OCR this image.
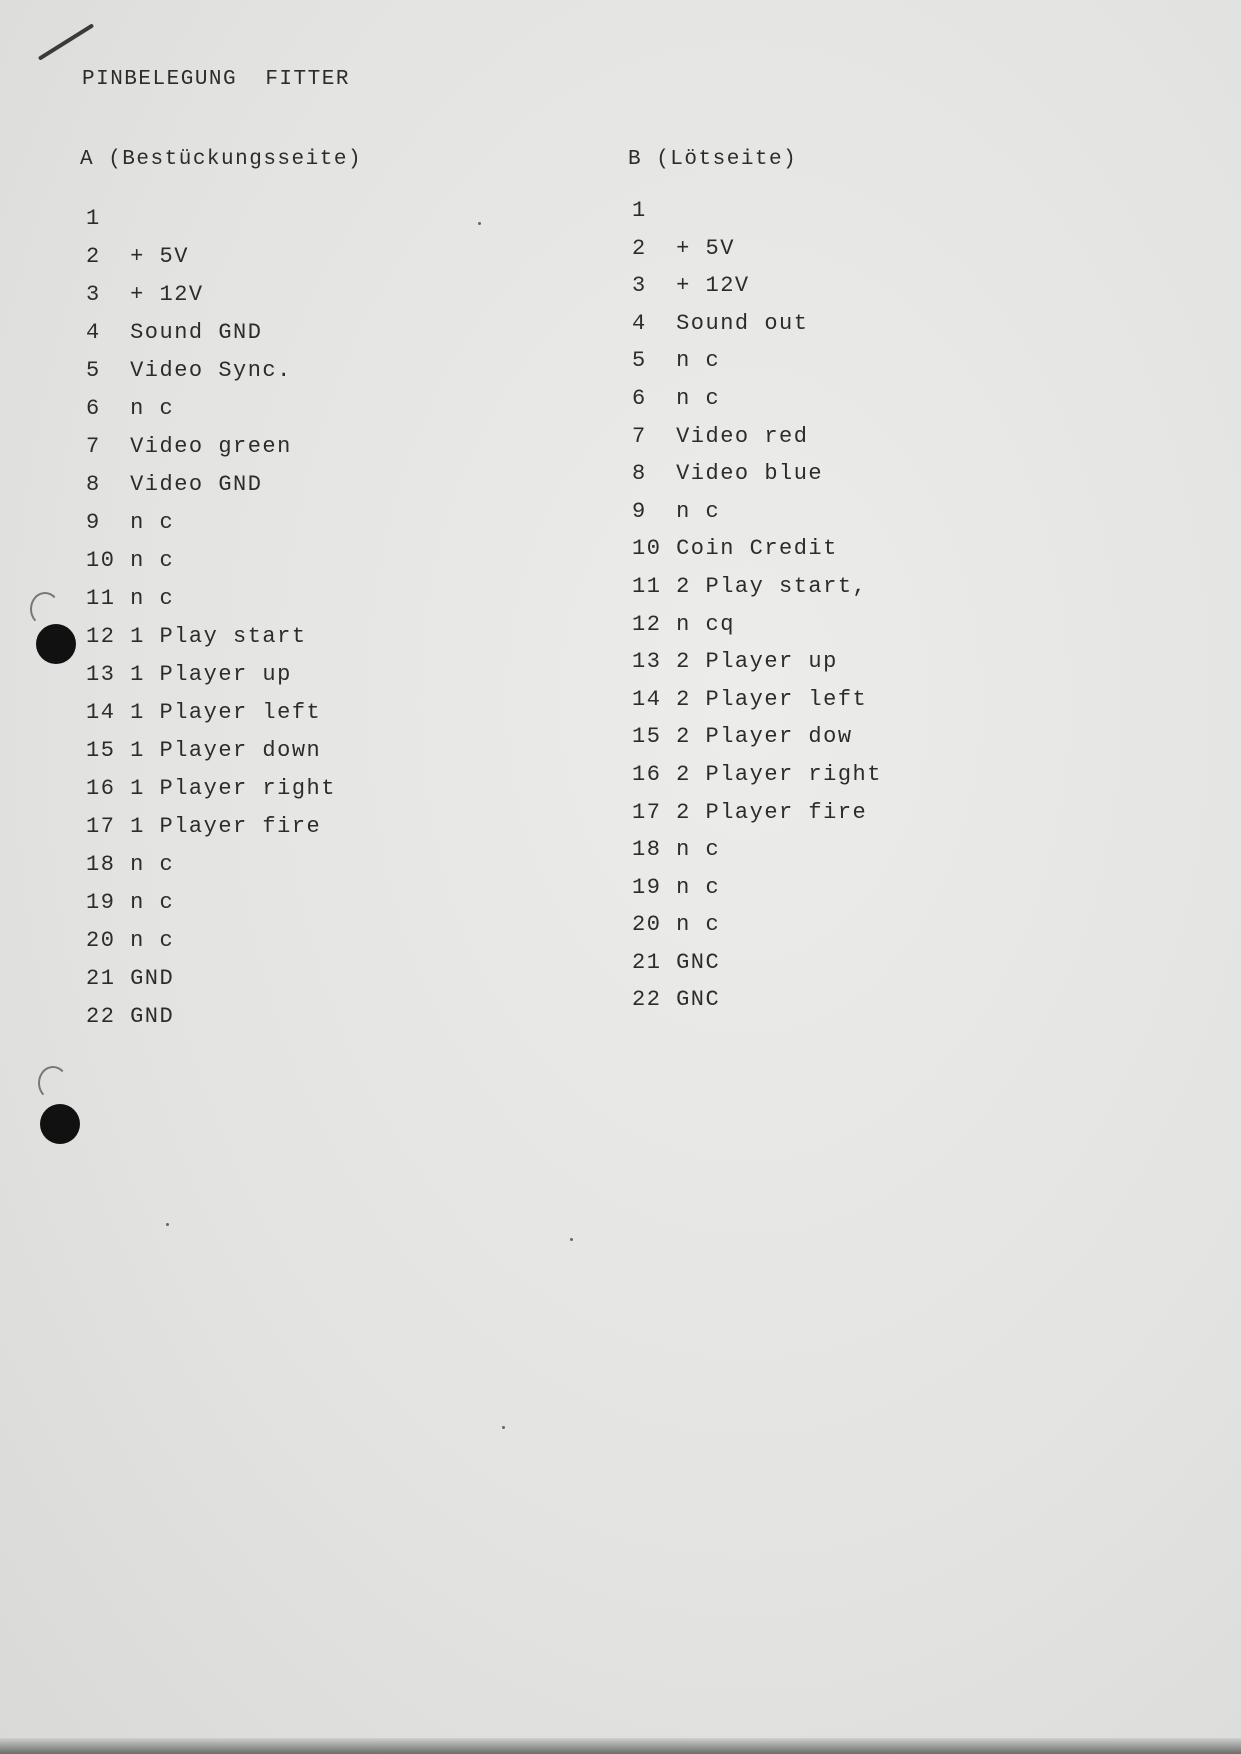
PINBELEGUNG  FITTER
A (Bestückungsseite)
1
2  + 5V
3  + 12V
4  Sound GND
5  Video Sync.
6  n c
7  Video green
8  Video GND
9  n c
10 n c
11 n c
12 1 Play start
13 1 Player up
14 1 Player left
15 1 Player down
16 1 Player right
17 1 Player fire
18 n c
19 n c
20 n c
21 GND
22 GND
B (Lötseite)
1
2  + 5V
3  + 12V
4  Sound out
5  n c
6  n c
7  Video red
8  Video blue
9  n c
10 Coin Credit
11 2 Play start,
12 n cq
13 2 Player up
14 2 Player left
15 2 Player dow
16 2 Player right
17 2 Player fire
18 n c
19 n c
20 n c
21 GNC
22 GNC
